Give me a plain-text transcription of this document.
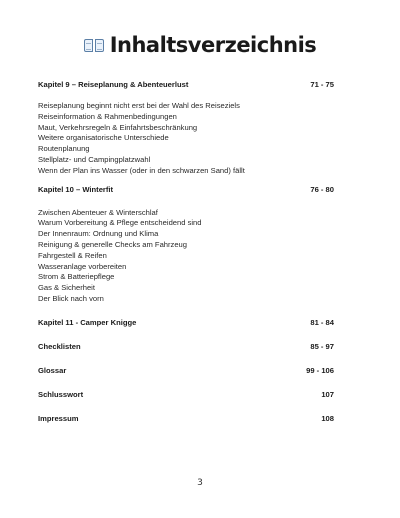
Inhaltsverzeichnis
Kapitel 9 – Reiseplanung & Abenteuerlust	71 - 75
Reiseplanung beginnt nicht erst bei der Wahl des Reiseziels
Reiseinformation & Rahmenbedingungen
Maut, Verkehrsregeln & Einfahrtsbeschränkung
Weitere organisatorische Unterschiede
Routenplanung
Stellplatz- und Campingplatzwahl
Wenn der Plan ins Wasser (oder in den schwarzen Sand) fällt
Kapitel 10 – Winterfit	76 - 80
Zwischen Abenteuer & Winterschlaf
Warum Vorbereitung & Pflege entscheidend sind
Der Innenraum: Ordnung und Klima
Reinigung & generelle Checks am Fahrzeug
Fahrgestell & Reifen
Wasseranlage vorbereiten
Strom & Batteriepflege
Gas & Sicherheit
Der Blick nach vorn
Kapitel 11 - Camper Knigge	81 - 84
Checklisten	85 - 97
Glossar	99 - 106
Schlusswort	107
Impressum	108
3
